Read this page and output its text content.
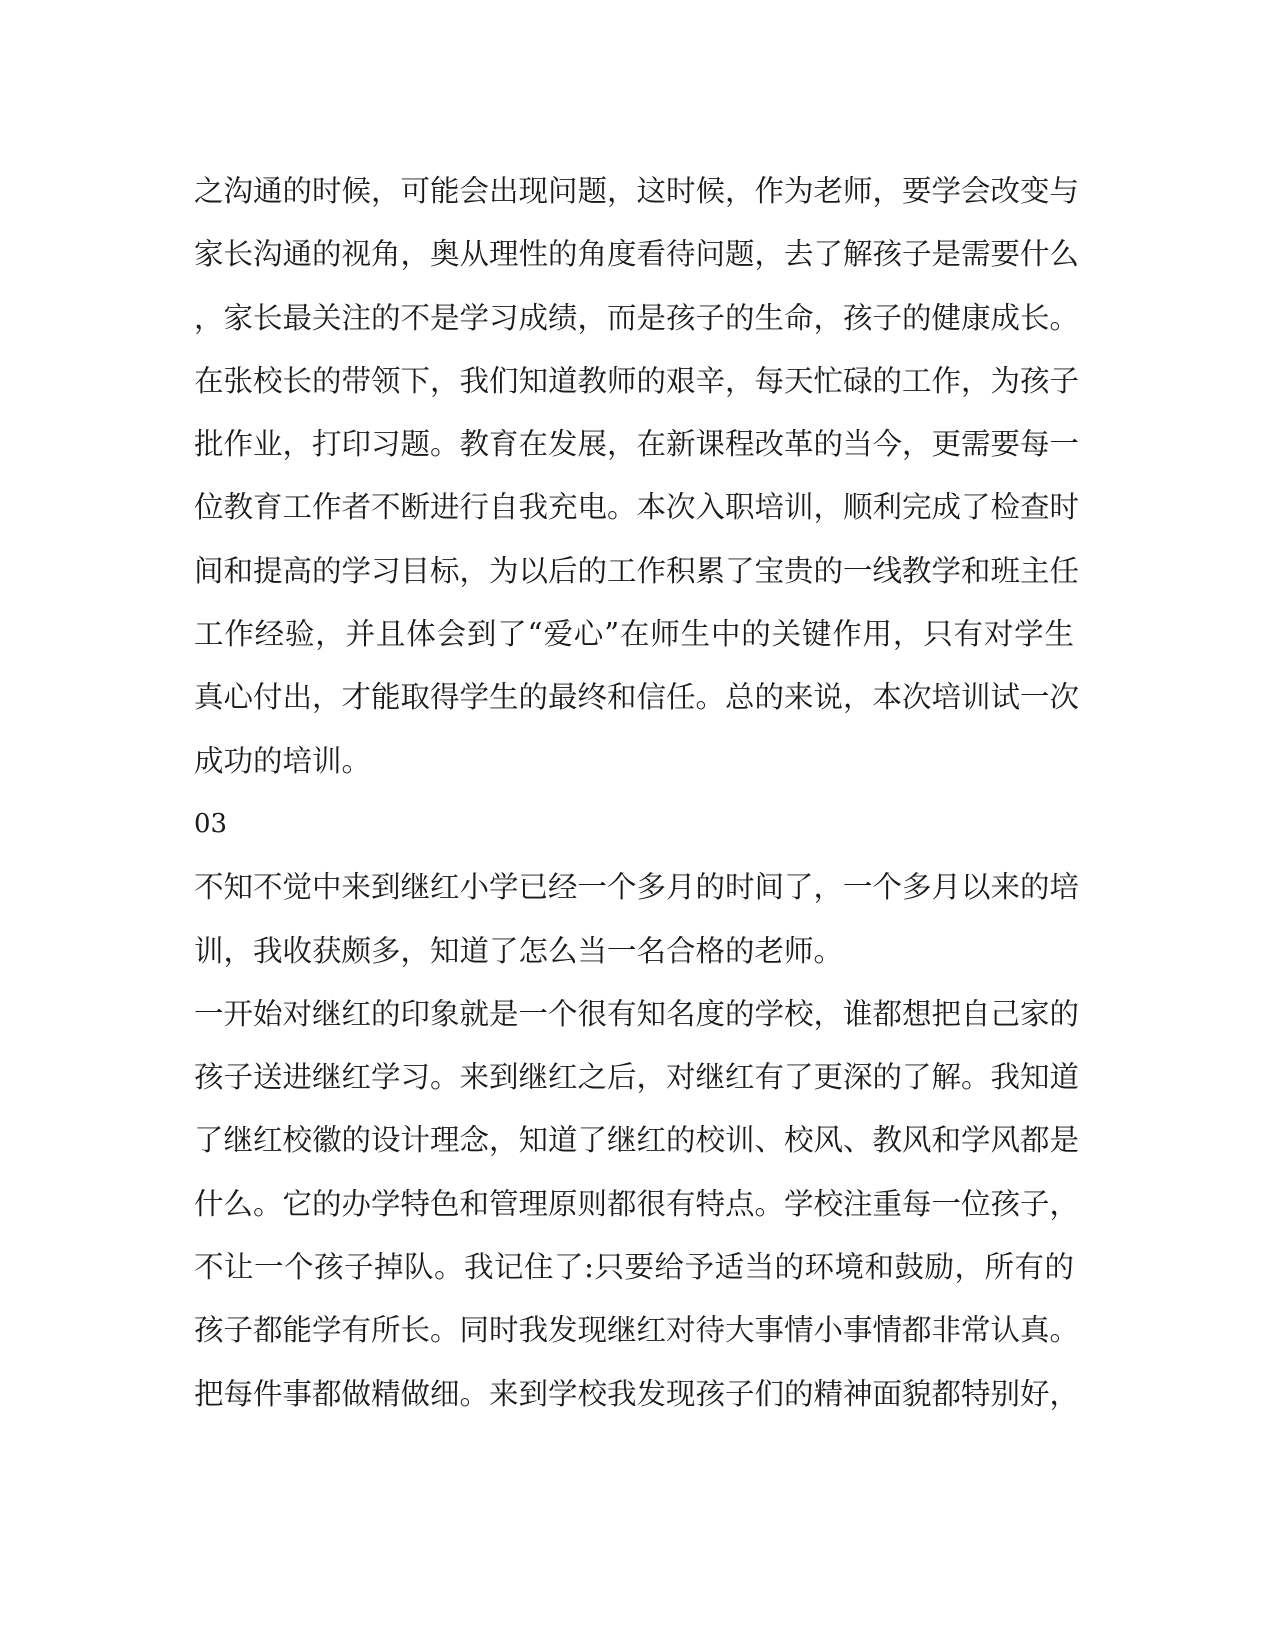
之沟通的时候，可能会出现问题，这时候，作为老师，要学会改变与
家长沟通的视角，奥从理性的角度看待问题，去了解孩子是需要什么
，家长最关注的不是学习成绩，而是孩子的生命，孩子的健康成长。
在张校长的带领下，我们知道教师的艰辛，每天忙碌的工作，为孩子
批作业，打印习题。教育在发展，在新课程改革的当今，更需要每一
位教育工作者不断进行自我充电。本次入职培训，顺利完成了检查时
间和提高的学习目标，为以后的工作积累了宝贵的一线教学和班主任
工作经验，并且体会到了“爱心”在师生中的关键作用，只有对学生
真心付出，才能取得学生的最终和信任。总的来说，本次培训试一次
成功的培训。
03
不知不觉中来到继红小学已经一个多月的时间了，一个多月以来的培
训，我收获颇多，知道了怎么当一名合格的老师。
一开始对继红的印象就是一个很有知名度的学校，谁都想把自己家的
孩子送进继红学习。来到继红之后，对继红有了更深的了解。我知道
了继红校徽的设计理念，知道了继红的校训、校风、教风和学风都是
什么。它的办学特色和管理原则都很有特点。学校注重每一位孩子，
不让一个孩子掉队。我记住了:只要给予适当的环境和鼓励，所有的
孩子都能学有所长。同时我发现继红对待大事情小事情都非常认真。
把每件事都做精做细。来到学校我发现孩子们的精神面貌都特别好，
